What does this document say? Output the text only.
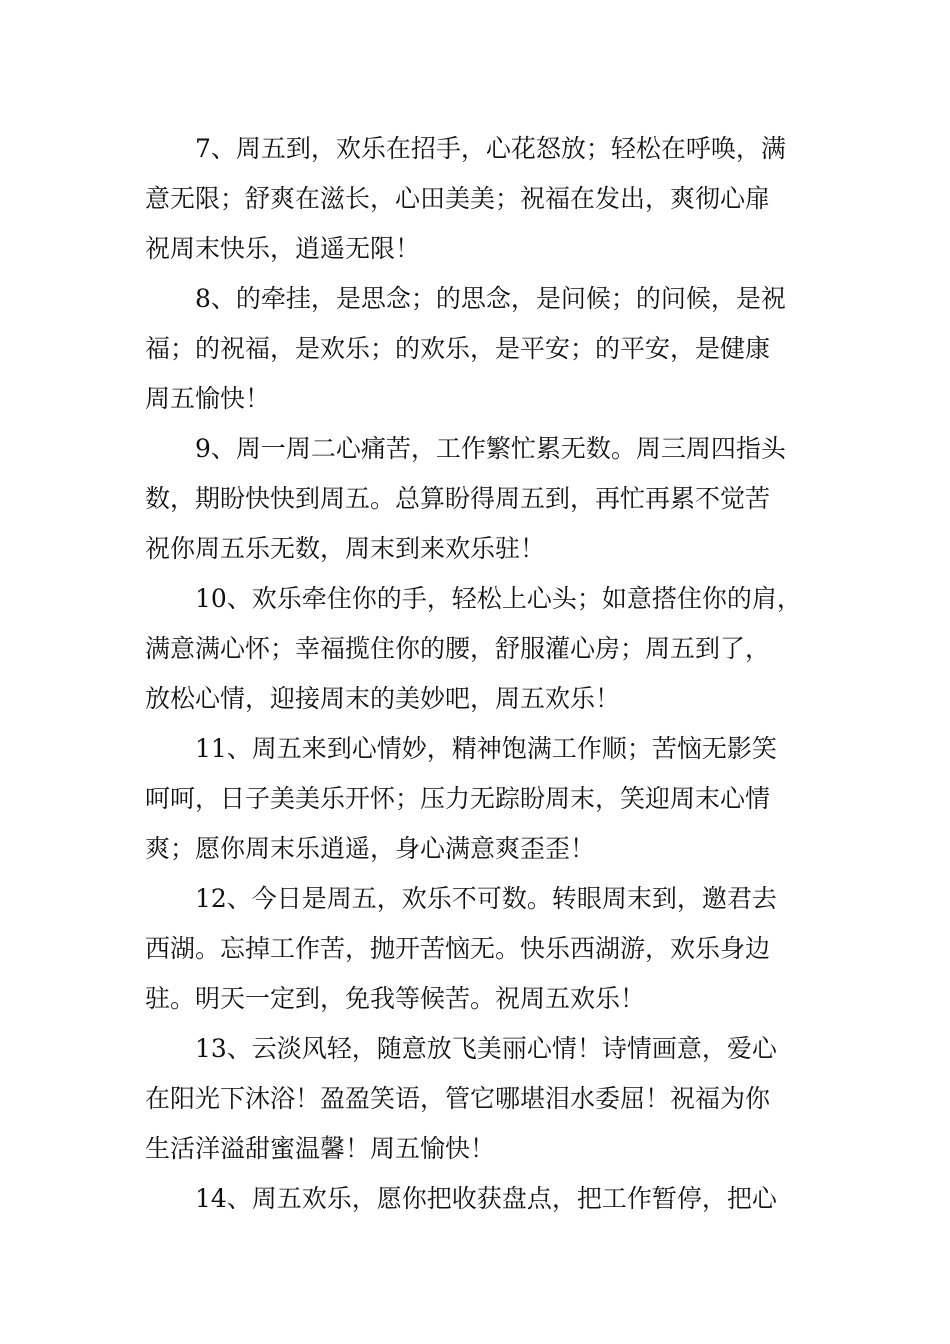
7、周五到，欢乐在招手，心花怒放；轻松在呼唤，满
意无限；舒爽在滋长，心田美美；祝福在发出，爽彻心扉
祝周末快乐，逍遥无限！
8、的牵挂，是思念；的思念，是问候；的问候，是祝
福；的祝福，是欢乐；的欢乐，是平安；的平安，是健康
周五愉快！
9、周一周二心痛苦，工作繁忙累无数。周三周四指头
数，期盼快快到周五。总算盼得周五到，再忙再累不觉苦
祝你周五乐无数，周末到来欢乐驻！
10、欢乐牵住你的手，轻松上心头；如意搭住你的肩，
满意满心怀；幸福揽住你的腰，舒服灌心房；周五到了，
放松心情，迎接周末的美妙吧，周五欢乐！
11、周五来到心情妙，精神饱满工作顺；苦恼无影笑
呵呵，日子美美乐开怀；压力无踪盼周末，笑迎周末心情
爽；愿你周末乐逍遥，身心满意爽歪歪！
12、今日是周五，欢乐不可数。转眼周末到，邀君去
西湖。忘掉工作苦，抛开苦恼无。快乐西湖游，欢乐身边
驻。明天一定到，免我等候苦。祝周五欢乐！
13、云淡风轻，随意放飞美丽心情！诗情画意，爱心
在阳光下沐浴！盈盈笑语，管它哪堪泪水委屈！祝福为你
生活洋溢甜蜜温馨！周五愉快！
14、周五欢乐，愿你把收获盘点，把工作暂停，把心
